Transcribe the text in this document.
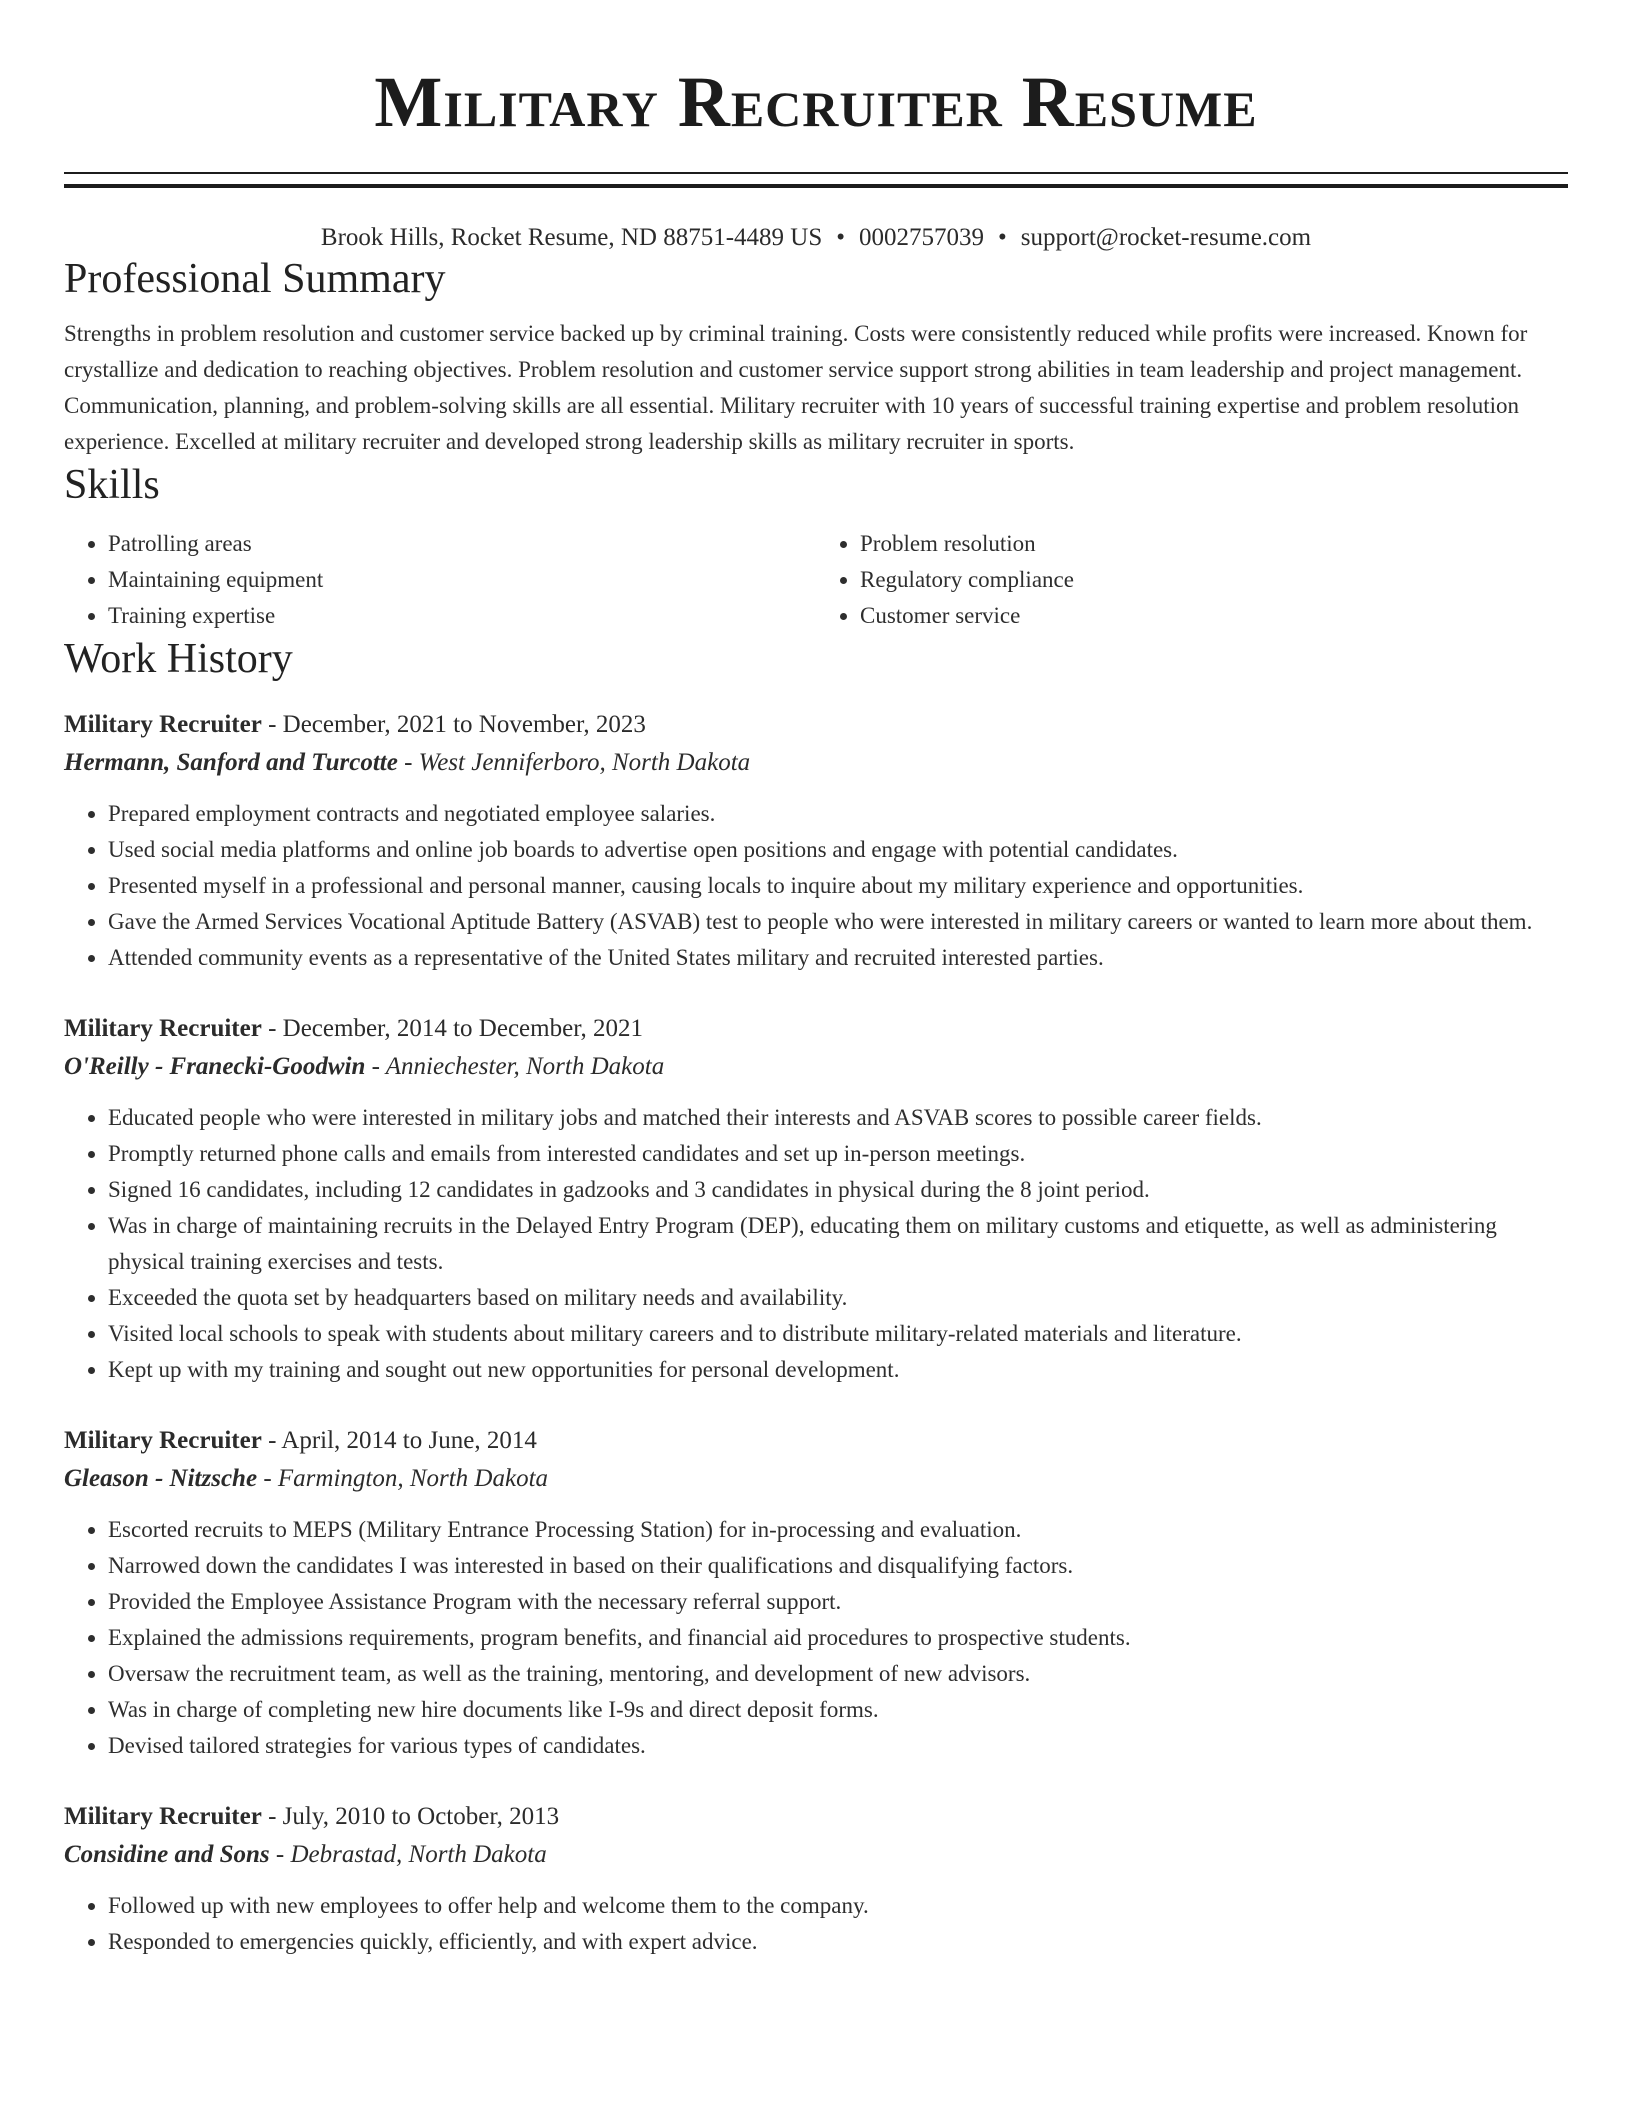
Military Recruiter Resume
Brook Hills, Rocket Resume, ND 88751-4489 US • 0002757039 • support@rocket-resume.com
Professional Summary
Strengths in problem resolution and customer service backed up by criminal training. Costs were consistently reduced while profits were increased. Known for crystallize and dedication to reaching objectives. Problem resolution and customer service support strong abilities in team leadership and project management. Communication, planning, and problem-solving skills are all essential. Military recruiter with 10 years of successful training expertise and problem resolution experience. Excelled at military recruiter and developed strong leadership skills as military recruiter in sports.
Skills
• Patrolling areas
• Maintaining equipment
• Training expertise
• Problem resolution
• Regulatory compliance
• Customer service
Work History
Military Recruiter - December, 2021 to November, 2023
Hermann, Sanford and Turcotte - West Jenniferboro, North Dakota
• Prepared employment contracts and negotiated employee salaries.
• Used social media platforms and online job boards to advertise open positions and engage with potential candidates.
• Presented myself in a professional and personal manner, causing locals to inquire about my military experience and opportunities.
• Gave the Armed Services Vocational Aptitude Battery (ASVAB) test to people who were interested in military careers or wanted to learn more about them.
• Attended community events as a representative of the United States military and recruited interested parties.
Military Recruiter - December, 2014 to December, 2021
O'Reilly - Franecki-Goodwin - Anniechester, North Dakota
• Educated people who were interested in military jobs and matched their interests and ASVAB scores to possible career fields.
• Promptly returned phone calls and emails from interested candidates and set up in-person meetings.
• Signed 16 candidates, including 12 candidates in gadzooks and 3 candidates in physical during the 8 joint period.
• Was in charge of maintaining recruits in the Delayed Entry Program (DEP), educating them on military customs and etiquette, as well as administering physical training exercises and tests.
• Exceeded the quota set by headquarters based on military needs and availability.
• Visited local schools to speak with students about military careers and to distribute military-related materials and literature.
• Kept up with my training and sought out new opportunities for personal development.
Military Recruiter - April, 2014 to June, 2014
Gleason - Nitzsche - Farmington, North Dakota
• Escorted recruits to MEPS (Military Entrance Processing Station) for in-processing and evaluation.
• Narrowed down the candidates I was interested in based on their qualifications and disqualifying factors.
• Provided the Employee Assistance Program with the necessary referral support.
• Explained the admissions requirements, program benefits, and financial aid procedures to prospective students.
• Oversaw the recruitment team, as well as the training, mentoring, and development of new advisors.
• Was in charge of completing new hire documents like I-9s and direct deposit forms.
• Devised tailored strategies for various types of candidates.
Military Recruiter - July, 2010 to October, 2013
Considine and Sons - Debrastad, North Dakota
• Followed up with new employees to offer help and welcome them to the company.
• Responded to emergencies quickly, efficiently, and with expert advice.
